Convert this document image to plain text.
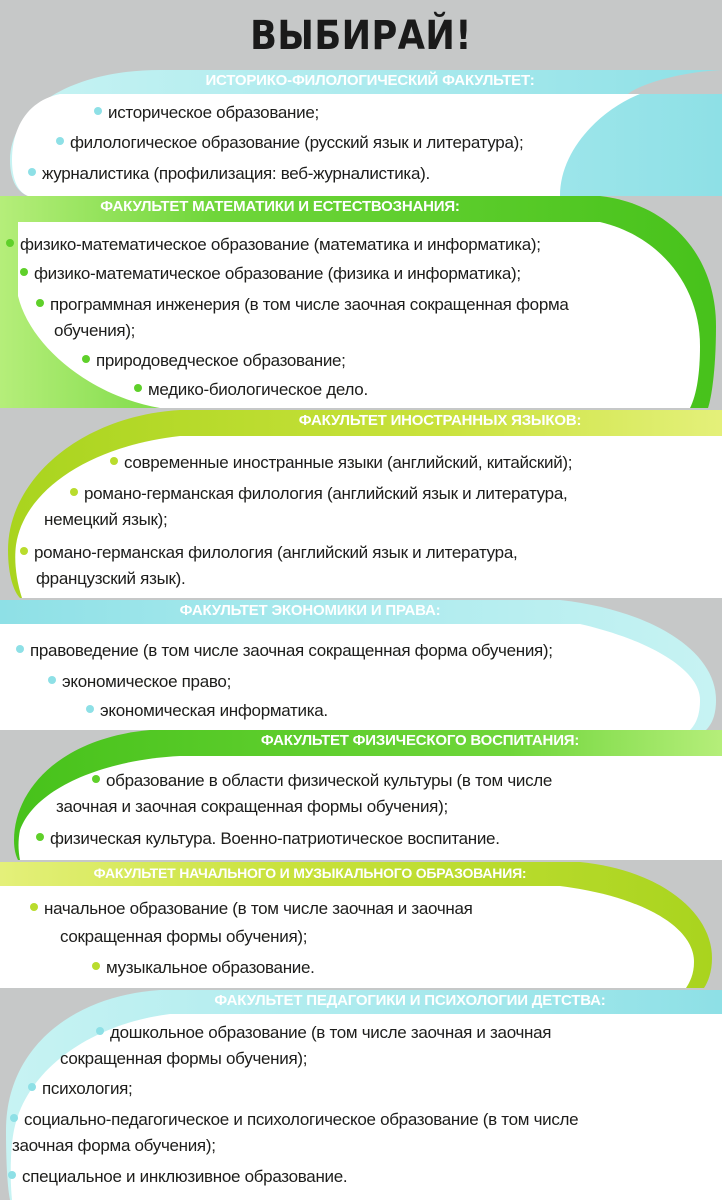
ВЫБИРАЙ!
ИСТОРИКО-ФИЛОЛОГИЧЕСКИЙ ФАКУЛЬТЕТ:
историческое образование;
филологическое образование (русский язык и литература);
журналистика (профилизация: веб-журналистика).
ФАКУЛЬТЕТ МАТЕМАТИКИ И ЕСТЕСТВОЗНАНИЯ:
физико-математическое образование (математика и информатика);
физико-математическое образование (физика и информатика);
программная инженерия (в том числе заочная сокращенная форма
обучения);
природоведческое образование;
медико-биологическое дело.
ФАКУЛЬТЕТ ИНОСТРАННЫХ ЯЗЫКОВ:
современные иностранные языки (английский, китайский);
романо-германская филология (английский язык и литература,
немецкий язык);
романо-германская филология (английский язык и литература,
французский язык).
ФАКУЛЬТЕТ ЭКОНОМИКИ И ПРАВА:
правоведение (в том числе заочная сокращенная форма обучения);
экономическое право;
экономическая информатика.
ФАКУЛЬТЕТ ФИЗИЧЕСКОГО ВОСПИТАНИЯ:
образование в области физической культуры (в том числе
заочная и заочная сокращенная формы обучения);
физическая культура. Военно-патриотическое воспитание.
ФАКУЛЬТЕТ НАЧАЛЬНОГО И МУЗЫКАЛЬНОГО ОБРАЗОВАНИЯ:
начальное образование (в том числе заочная и заочная
сокращенная формы обучения);
музыкальное образование.
ФАКУЛЬТЕТ ПЕДАГОГИКИ И ПСИХОЛОГИИ ДЕТСТВА:
дошкольное образование (в том числе заочная и заочная
сокращенная формы обучения);
психология;
социально-педагогическое и психологическое образование (в том числе
заочная форма обучения);
специальное и инклюзивное образование.
